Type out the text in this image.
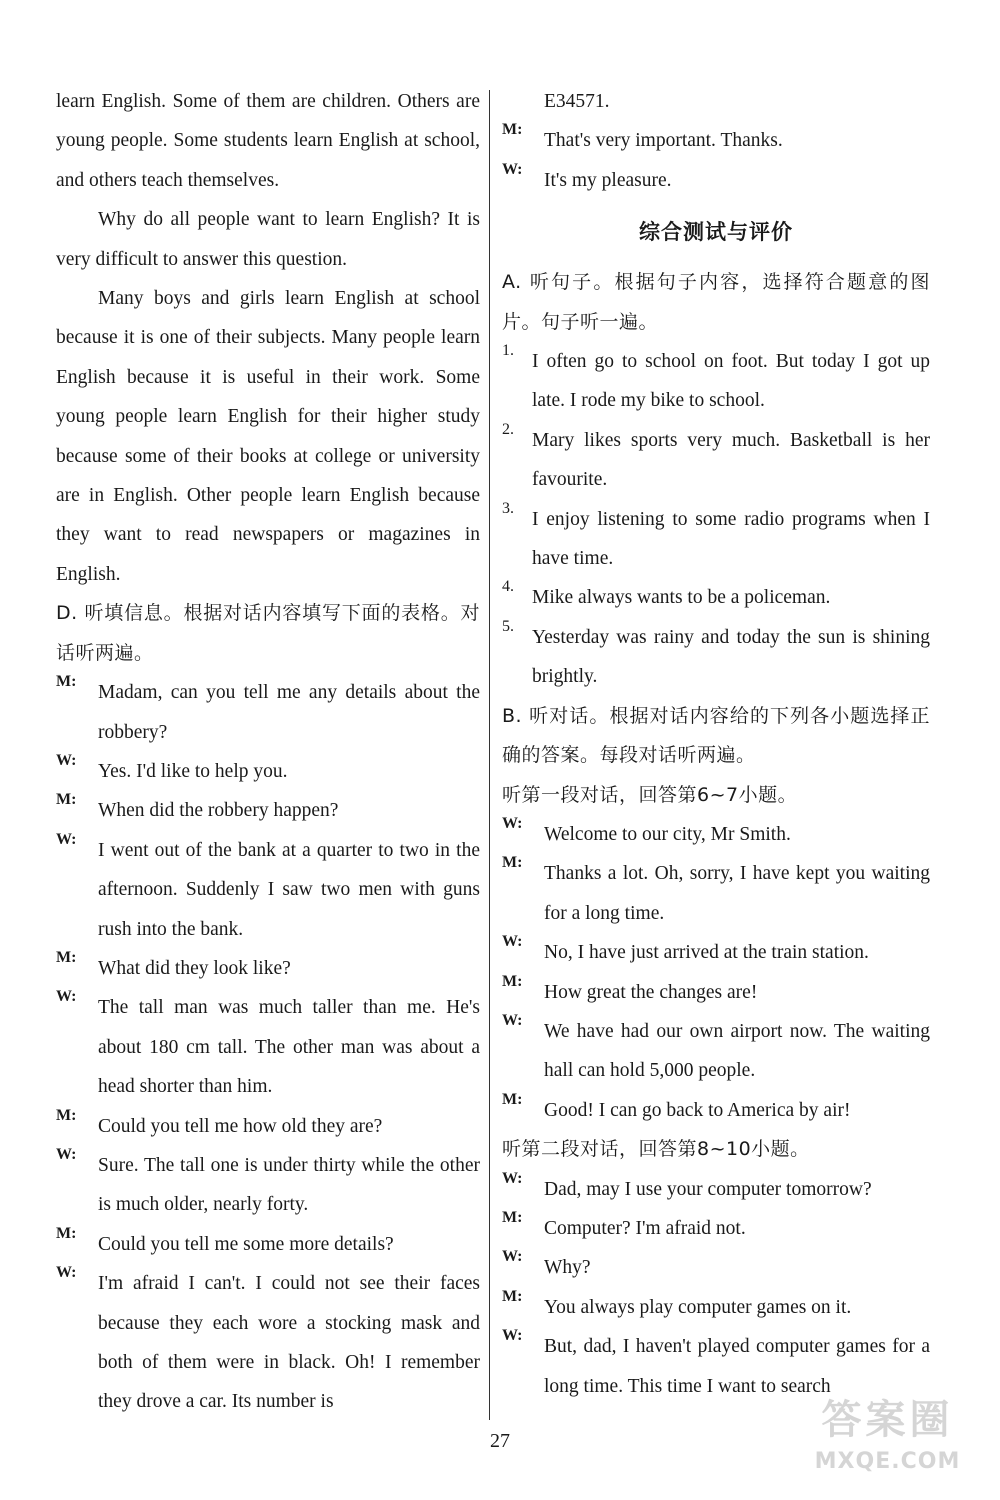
learn English. Some of them are children. Others are young people. Some students learn English at school, and others teach themselves.

Why do all people want to learn English? It is very difficult to answer this question.

Many boys and girls learn English at school because it is one of their subjects. Many people learn English because it is useful in their work. Some young people learn English for their higher study because some of their books at college or university are in English. Other people learn English because they want to read newspapers or magazines in English.

D. 听填信息。根据对话内容填写下面的表格。对话听两遍。

M:

Madam, can you tell me any details about the robbery?

W:

Yes. I'd like to help you.

M:

When did the robbery happen?

W:

I went out of the bank at a quarter to two in the afternoon. Suddenly I saw two men with guns rush into the bank.

M:

What did they look like?

W:

The tall man was much taller than me. He's about 180 cm tall. The other man was about a head shorter than him.

M:

Could you tell me how old they are?

W:

Sure. The tall one is under thirty while the other is much older, nearly forty.

M:

Could you tell me some more details?

W:

I'm afraid I can't. I could not see their faces because they each wore a stocking mask and both of them were in black. Oh! I remember they drove a car. Its number is

E34571.

M:

That's very important. Thanks.

W:

It's my pleasure.

综合测试与评价

A. 听句子。根据句子内容，选择符合题意的图片。句子听一遍。

1.

I often go to school on foot. But today I got up late. I rode my bike to school.

2.

Mary likes sports very much. Basketball is her favourite.

3.

I enjoy listening to some radio programs when I have time.

4.

Mike always wants to be a policeman.

5.

Yesterday was rainy and today the sun is shining brightly.

B. 听对话。根据对话内容给的下列各小题选择正确的答案。每段对话听两遍。

听第一段对话，回答第6~7小题。

W:

Welcome to our city, Mr Smith.

M:

Thanks a lot. Oh, sorry, I have kept you waiting for a long time.

W:

No, I have just arrived at the train station.

M:

How great the changes are!

W:

We have had our own airport now. The waiting hall can hold 5,000 people.

M:

Good! I can go back to America by air!

听第二段对话，回答第8~10小题。

W:

Dad, may I use your computer tomorrow?

M:

Computer? I'm afraid not.

W:

Why?

M:

You always play computer games on it.

W:

But, dad, I haven't played computer games for a long time. This time I want to search

27	答案圈
MXQE.COM
